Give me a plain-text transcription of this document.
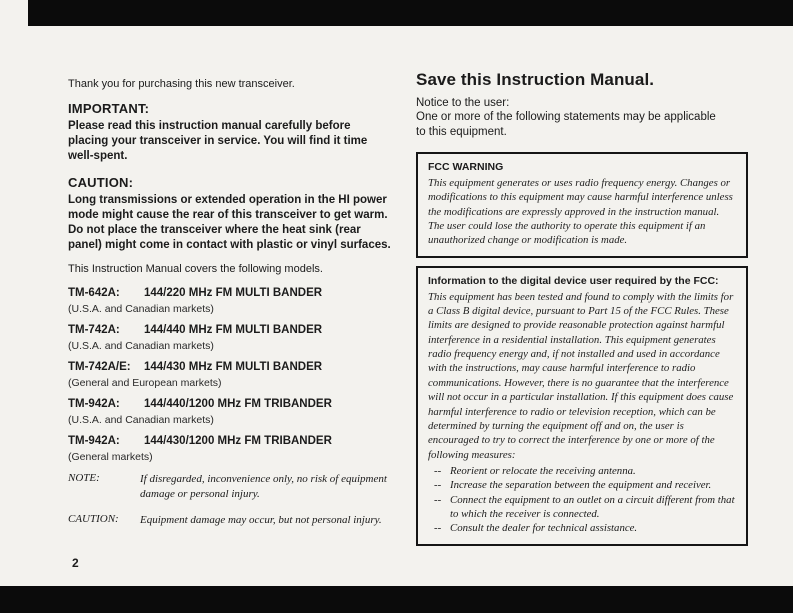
Thank you for purchasing this new transceiver.

IMPORTANT:

Please read this instruction manual carefully before placing your transceiver in service. You will find it time well-spent.

CAUTION:

Long transmissions or extended operation in the HI power mode might cause the rear of this transceiver to get warm. Do not place the transceiver where the heat sink (rear panel) might come in contact with plastic or vinyl surfaces.

This Instruction Manual covers the following models.

TM-642A:	144/220 MHz FM MULTI BANDER
(U.S.A. and Canadian markets)
TM-742A:	144/440 MHz FM MULTI BANDER
(U.S.A. and Canadian markets)
TM-742A/E:	144/430 MHz FM MULTI BANDER
(General and European markets)
TM-942A:	144/440/1200 MHz FM TRIBANDER
(U.S.A. and Canadian markets)
TM-942A:	144/430/1200 MHz FM TRIBANDER
(General markets)
NOTE:	If disregarded, inconvenience only, no risk of equipment damage or personal injury.
CAUTION:	Equipment damage may occur, but not personal injury.
2
Save this Instruction Manual.

Notice to the user:

One or more of the following statements may be applicable to this equipment.

FCC WARNING
This equipment generates or uses radio frequency energy. Changes or modifications to this equipment may cause harmful interference unless the modifications are expressly approved in the instruction manual. The user could lose the authority to operate this equipment if an unauthorized change or modification is made.
Information to the digital device user required by the FCC:
This equipment has been tested and found to comply with the limits for a Class B digital device, pursuant to Part 15 of the FCC Rules. These limits are designed to provide reasonable protection against harmful interference in a residential installation. This equipment generates radio frequency energy and, if not installed and used in accordance with the instructions, may cause harmful interference to radio communications. However, there is no guarantee that the interference will not occur in a particular installation. If this equipment does cause harmful interference to radio or television reception, which can be determined by turning the equipment off and on, the user is encouraged to try to correct the interference by one or more of the following measures:
-- Reorient or relocate the receiving antenna.
-- Increase the separation between the equipment and receiver.
-- Connect the equipment to an outlet on a circuit different from that to which the receiver is connected.
-- Consult the dealer for technical assistance.
